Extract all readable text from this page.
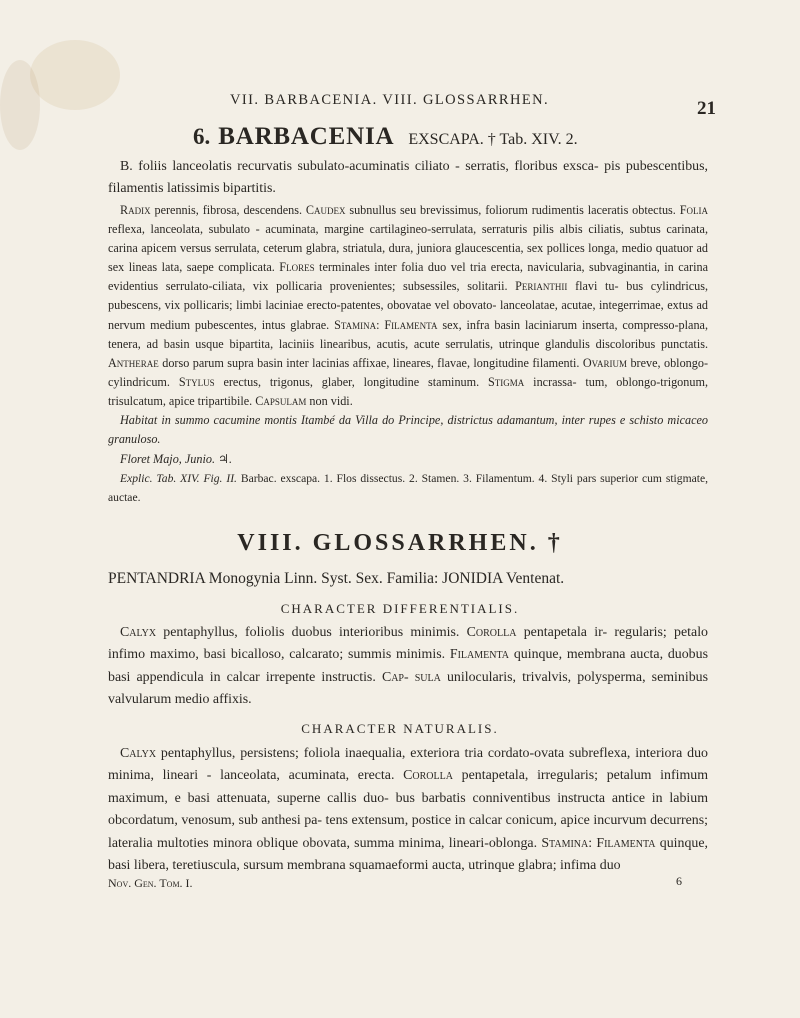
VII. BARBACENIA. VIII. GLOSSARRHEN.	21
6. BARBACENIA EXSCAPA. † Tab. XIV. 2.
B. foliis lanceolatis recurvatis subulato-acuminatis ciliato - serratis, floribus exsca- pis pubescentibus, filamentis latissimis bipartitis.
Radix perennis, fibrosa, descendens. Caudex subnullus seu brevissimus, foliorum rudimentis laceratis obtectus. Folia reflexa, lanceolata, subulato - acuminata, margine cartilagineo-serrulata, serraturis pilis albis ciliatis, subtus carinata, carina apicem versus serrulata, ceterum glabra, striatula, dura, juniora glaucescentia, sex pollices longa, medio quatuor ad sex lineas lata, saepe complicata. Flores terminales inter folia duo vel tria erecta, navicularia, subvaginantia, in carina evidentius serrulato-ciliata, vix pollicaria provenientes; subsessiles, solitarii. Perianthii flavi tu- bus cylindricus, pubescens, vix pollicaris; limbi laciniae erecto-patentes, obovatae vel obovato- lanceolatae, acutae, integerrimae, extus ad nervum medium pubescentes, intus glabrae. Stamina: Filamenta sex, infra basin laciniarum inserta, compresso-plana, tenera, ad basin usque bipartita, laciniis linearibus, acutis, acute serrulatis, utrinque glandulis discoloribus punctatis. Antherae dorso parum supra basin inter lacinias affixae, lineares, flavae, longitudine filamenti. Ovarium breve, oblongo-cylindricum. Stylus erectus, trigonus, glaber, longitudine staminum. Stigma incrassa- tum, oblongo-trigonum, trisulcatum, apice tripartibile. Capsulam non vidi.
Habitat in summo cacumine montis Itambé da Villa do Principe, districtus adamantum, inter rupes e schisto micaceo granuloso.
Floret Majo, Junio. ♃.
Explic. Tab. XIV. Fig. II. Barbac. exscapa. 1. Flos dissectus. 2. Stamen. 3. Filamentum. 4. Styli pars superior cum stigmate, auctae.
VIII. GLOSSARRHEN. †
PENTANDRIA Monogynia Linn. Syst. Sex. Familia: JONIDIA Ventenat.
CHARACTER DIFFERENTIALIS.
Calyx pentaphyllus, foliolis duobus interioribus minimis. Corolla pentapetala ir- regularis; petalo infimo maximo, basi bicalloso, calcarato; summis minimis. Filamenta quinque, membrana aucta, duobus basi appendicula in calcar irrepente instructis. Cap- sula unilocularis, trivalvis, polysperma, seminibus valvularum medio affixis.
CHARACTER NATURALIS.
Calyx pentaphyllus, persistens; foliola inaequalia, exteriora tria cordato-ovata subreflexa, interiora duo minima, lineari - lanceolata, acuminata, erecta. Corolla pentapetala, irregularis; petalum infimum maximum, e basi attenuata, superne callis duo- bus barbatis conniventibus instructa antice in labium obcordatum, venosum, sub anthesi pa- tens extensum, postice in calcar conicum, apice incurvum decurrens; lateralia multoties minora oblique obovata, summa minima, lineari-oblonga. Stamina: Filamenta quinque, basi libera, teretiuscula, sursum membrana squamaeformi aucta, utrinque glabra; infima duo
Nov. Gen. Tom. I.	6
